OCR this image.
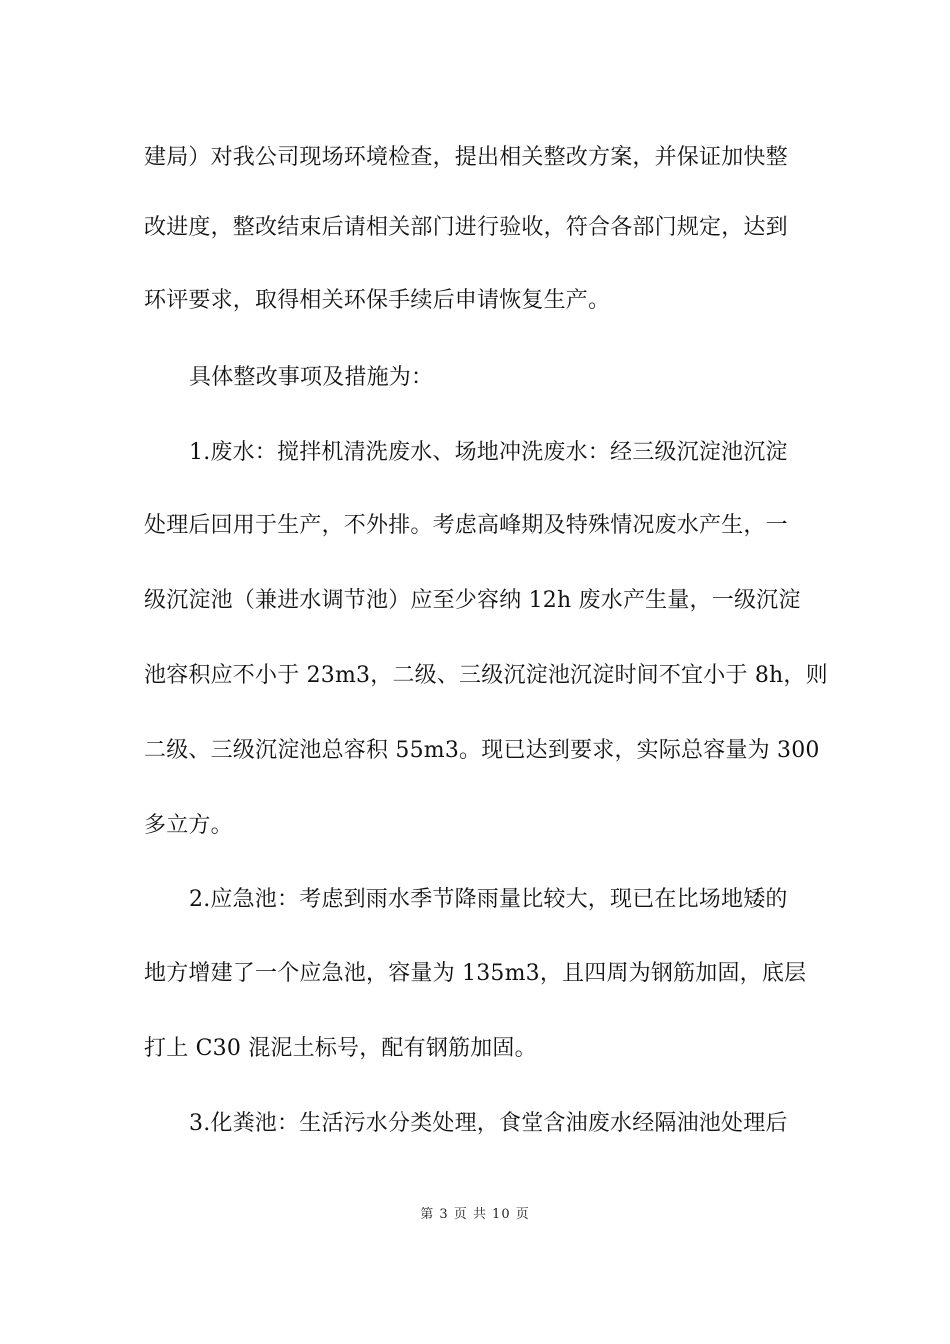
建局）对我公司现场环境检查，提出相关整改方案，并保证加快整
改进度，整改结束后请相关部门进行验收，符合各部门规定，达到
环评要求，取得相关环保手续后申请恢复生产。
具体整改事项及措施为：
1.废水：搅拌机清洗废水、场地冲洗废水：经三级沉淀池沉淀
处理后回用于生产，不外排。考虑高峰期及特殊情况废水产生，一
级沉淀池（兼进水调节池）应至少容纳 12h 废水产生量，一级沉淀
池容积应不小于 23m3，二级、三级沉淀池沉淀时间不宜小于 8h，则
二级、三级沉淀池总容积 55m3。现已达到要求，实际总容量为 300
多立方。
2.应急池：考虑到雨水季节降雨量比较大，现已在比场地矮的
地方增建了一个应急池，容量为 135m3，且四周为钢筋加固，底层
打上 C30 混泥土标号，配有钢筋加固。
3.化粪池：生活污水分类处理，食堂含油废水经隔油池处理后
第 3 页 共 10 页
